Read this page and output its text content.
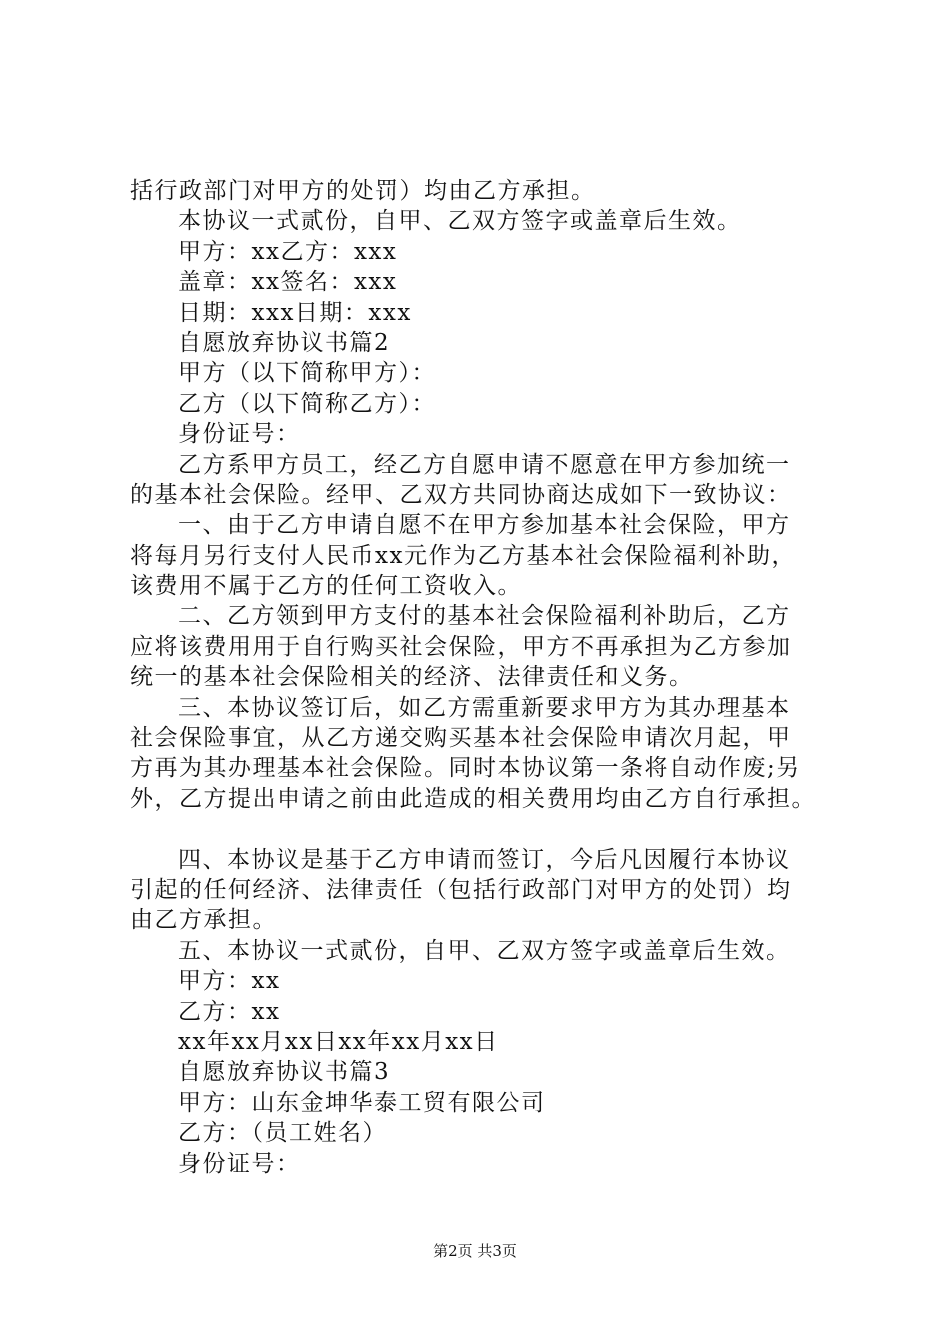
括行政部门对甲方的处罚）均由乙方承担。
本协议一式贰份，自甲、乙双方签字或盖章后生效。
甲方：xx乙方：xxx
盖章：xx签名：xxx
日期：xxx日期：xxx
自愿放弃协议书篇2
甲方（以下简称甲方）：
乙方（以下简称乙方）：
身份证号：
乙方系甲方员工，经乙方自愿申请不愿意在甲方参加统一
的基本社会保险。经甲、乙双方共同协商达成如下一致协议：
一、由于乙方申请自愿不在甲方参加基本社会保险，甲方
将每月另行支付人民币xx元作为乙方基本社会保险福利补助，
该费用不属于乙方的任何工资收入。
二、乙方领到甲方支付的基本社会保险福利补助后，乙方
应将该费用用于自行购买社会保险，甲方不再承担为乙方参加
统一的基本社会保险相关的经济、法律责任和义务。
三、本协议签订后，如乙方需重新要求甲方为其办理基本
社会保险事宜，从乙方递交购买基本社会保险申请次月起，甲
方再为其办理基本社会保险。同时本协议第一条将自动作废;另
外，乙方提出申请之前由此造成的相关费用均由乙方自行承担。
四、本协议是基于乙方申请而签订，今后凡因履行本协议
引起的任何经济、法律责任（包括行政部门对甲方的处罚）均
由乙方承担。
五、本协议一式贰份，自甲、乙双方签字或盖章后生效。
甲方：xx
乙方：xx
xx年xx月xx日xx年xx月xx日
自愿放弃协议书篇3
甲方：山东金坤华泰工贸有限公司
乙方：（员工姓名）
身份证号：
第2页 共3页
